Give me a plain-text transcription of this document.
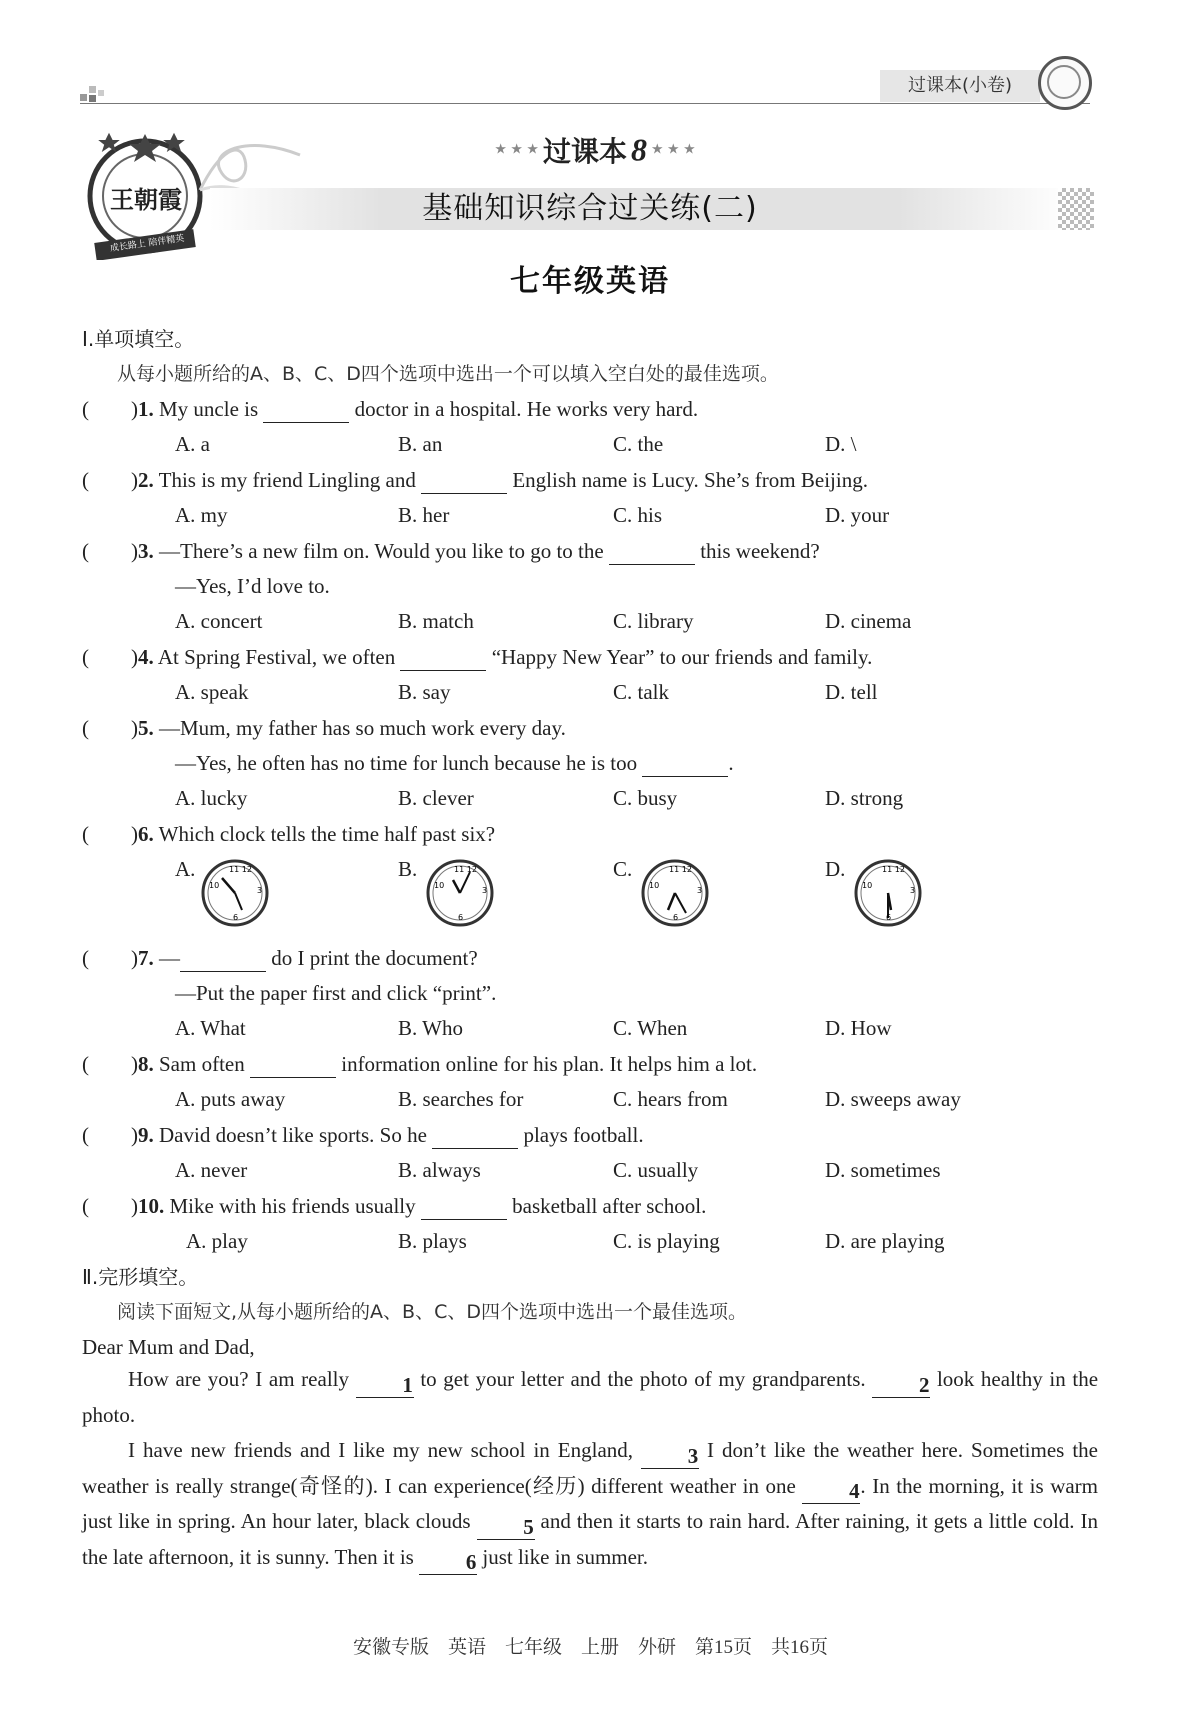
过课本(小卷)
王朝霞
成长路上 陪伴精英
★ ★ ★ 过课本 8 ★ ★ ★
基础知识综合过关练(二)
七年级英语
Ⅰ.单项填空。
从每小题所给的A、B、C、D四个选项中选出一个可以填入空白处的最佳选项。
(　　)1. My uncle is	doctor in a hospital. He works very hard.
A. a	B. an	C. the	D. \
(　　)2. This is my friend Lingling and	English name is Lucy. She’s from Beijing.
A. my	B. her	C. his	D. your
(　　)3. —There’s a new film on. Would you like to go to the	this weekend?
—Yes, I’d love to.
A. concert	B. match	C. library	D. cinema
(　　)4. At Spring Festival, we often	“Happy New Year” to our friends and family.
A. speak	B. say	C. talk	D. tell
(　　)5. —Mum, my father has so much work every day.
—Yes, he often has no time for lunch because he is too	.
A. lucky	B. clever	C. busy	D. strong
(　　)6. Which clock tells the time half past six?
A.	B.	C.	D.
11 12
3
10
6
11 12
3
10
6
11 12
3
10
6
11 12
3
10
6
(　　)7. —	do I print the document?
—Put the paper first and click “print”.
A. What	B. Who	C. When	D. How
(　　)8. Sam often	information online for his plan. It helps him a lot.
A. puts away	B. searches for	C. hears from	D. sweeps away
(　　)9. David doesn’t like sports. So he	plays football.
A. never	B. always	C. usually	D. sometimes
(　　)10. Mike with his friends usually	basketball after school.
A. play	B. plays	C. is playing	D. are playing
Ⅱ.完形填空。
阅读下面短文,从每小题所给的A、B、C、D四个选项中选出一个最佳选项。
Dear Mum and Dad,
How are you? I am really	1 to get your letter and the photo of my grandparents.	2 look healthy in the photo.
I have new friends and I like my new school in England,	3 I don’t like the weather here. Sometimes the weather is really strange(奇怪的). I can experience(经历) different weather in one	4. In the morning, it is warm just like in spring. An hour later, black clouds	5 and then it starts to rain hard. After raining, it gets a little cold. In the late afternoon, it is sunny. Then it is 6 just like in summer.
安徽专版　英语　七年级　上册　外研　第15页　共16页
